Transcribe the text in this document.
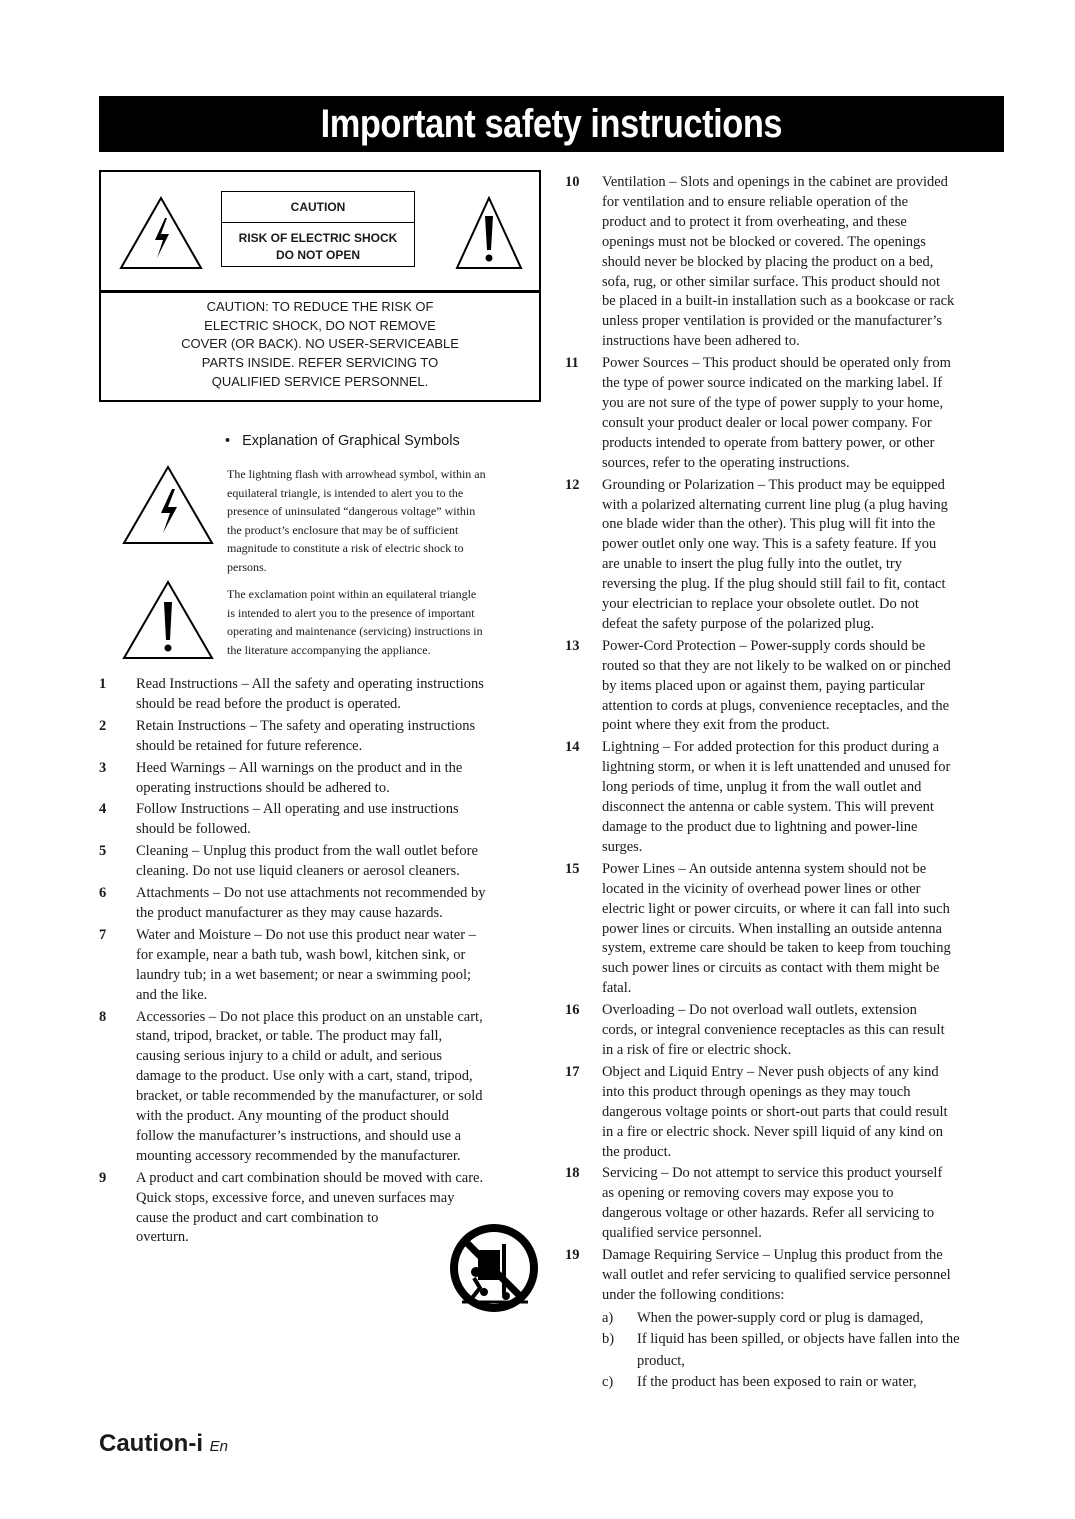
Important safety instructions
CAUTION
RISK OF ELECTRIC SHOCK
DO NOT OPEN
CAUTION: TO REDUCE THE RISK OF
ELECTRIC SHOCK, DO NOT REMOVE
COVER (OR BACK). NO USER-SERVICEABLE
PARTS INSIDE. REFER SERVICING TO
QUALIFIED SERVICE PERSONNEL.
• Explanation of Graphical Symbols
The lightning flash with arrowhead symbol, within an
equilateral triangle, is intended to alert you to the
presence of uninsulated “dangerous voltage” within
the product’s enclosure that may be of sufficient
magnitude to constitute a risk of electric shock to
persons.
The exclamation point within an equilateral triangle
is intended to alert you to the presence of important
operating and maintenance (servicing) instructions in
the literature accompanying the appliance.
1	Read Instructions – All the safety and operating instructions
should be read before the product is operated.
2	Retain Instructions – The safety and operating instructions
should be retained for future reference.
3	Heed Warnings – All warnings on the product and in the
operating instructions should be adhered to.
4	Follow Instructions – All operating and use instructions
should be followed.
5	Cleaning – Unplug this product from the wall outlet before
cleaning. Do not use liquid cleaners or aerosol cleaners.
6	Attachments – Do not use attachments not recommended by
the product manufacturer as they may cause hazards.
7	Water and Moisture – Do not use this product near water –
for example, near a bath tub, wash bowl, kitchen sink, or
laundry tub; in a wet basement; or near a swimming pool;
and the like.
8	Accessories – Do not place this product on an unstable cart,
stand, tripod, bracket, or table. The product may fall,
causing serious injury to a child or adult, and serious
damage to the product. Use only with a cart, stand, tripod,
bracket, or table recommended by the manufacturer, or sold
with the product. Any mounting of the product should
follow the manufacturer’s instructions, and should use a
mounting accessory recommended by the manufacturer.
9	A product and cart combination should be moved with care.
Quick stops, excessive force, and uneven surfaces may
cause the product and cart combination to
overturn.
10	Ventilation – Slots and openings in the cabinet are provided
for ventilation and to ensure reliable operation of the
product and to protect it from overheating, and these
openings must not be blocked or covered. The openings
should never be blocked by placing the product on a bed,
sofa, rug, or other similar surface. This product should not
be placed in a built-in installation such as a bookcase or rack
unless proper ventilation is provided or the manufacturer’s
instructions have been adhered to.
11	Power Sources – This product should be operated only from
the type of power source indicated on the marking label. If
you are not sure of the type of power supply to your home,
consult your product dealer or local power company. For
products intended to operate from battery power, or other
sources, refer to the operating instructions.
12	Grounding or Polarization – This product may be equipped
with a polarized alternating current line plug (a plug having
one blade wider than the other). This plug will fit into the
power outlet only one way. This is a safety feature. If you
are unable to insert the plug fully into the outlet, try
reversing the plug. If the plug should still fail to fit, contact
your electrician to replace your obsolete outlet. Do not
defeat the safety purpose of the polarized plug.
13	Power-Cord Protection – Power-supply cords should be
routed so that they are not likely to be walked on or pinched
by items placed upon or against them, paying particular
attention to cords at plugs, convenience receptacles, and the
point where they exit from the product.
14	Lightning – For added protection for this product during a
lightning storm, or when it is left unattended and unused for
long periods of time, unplug it from the wall outlet and
disconnect the antenna or cable system. This will prevent
damage to the product due to lightning and power-line
surges.
15	Power Lines – An outside antenna system should not be
located in the vicinity of overhead power lines or other
electric light or power circuits, or where it can fall into such
power lines or circuits. When installing an outside antenna
system, extreme care should be taken to keep from touching
such power lines or circuits as contact with them might be
fatal.
16	Overloading – Do not overload wall outlets, extension
cords, or integral convenience receptacles as this can result
in a risk of fire or electric shock.
17	Object and Liquid Entry – Never push objects of any kind
into this product through openings as they may touch
dangerous voltage points or short-out parts that could result
in a fire or electric shock. Never spill liquid of any kind on
the product.
18	Servicing – Do not attempt to service this product yourself
as opening or removing covers may expose you to
dangerous voltage or other hazards. Refer all servicing to
qualified service personnel.
19	Damage Requiring Service – Unplug this product from the
wall outlet and refer servicing to qualified service personnel
under the following conditions:
a)	When the power-supply cord or plug is damaged,
b)	If liquid has been spilled, or objects have fallen into the
product,
c)	If the product has been exposed to rain or water,
Caution-i En
